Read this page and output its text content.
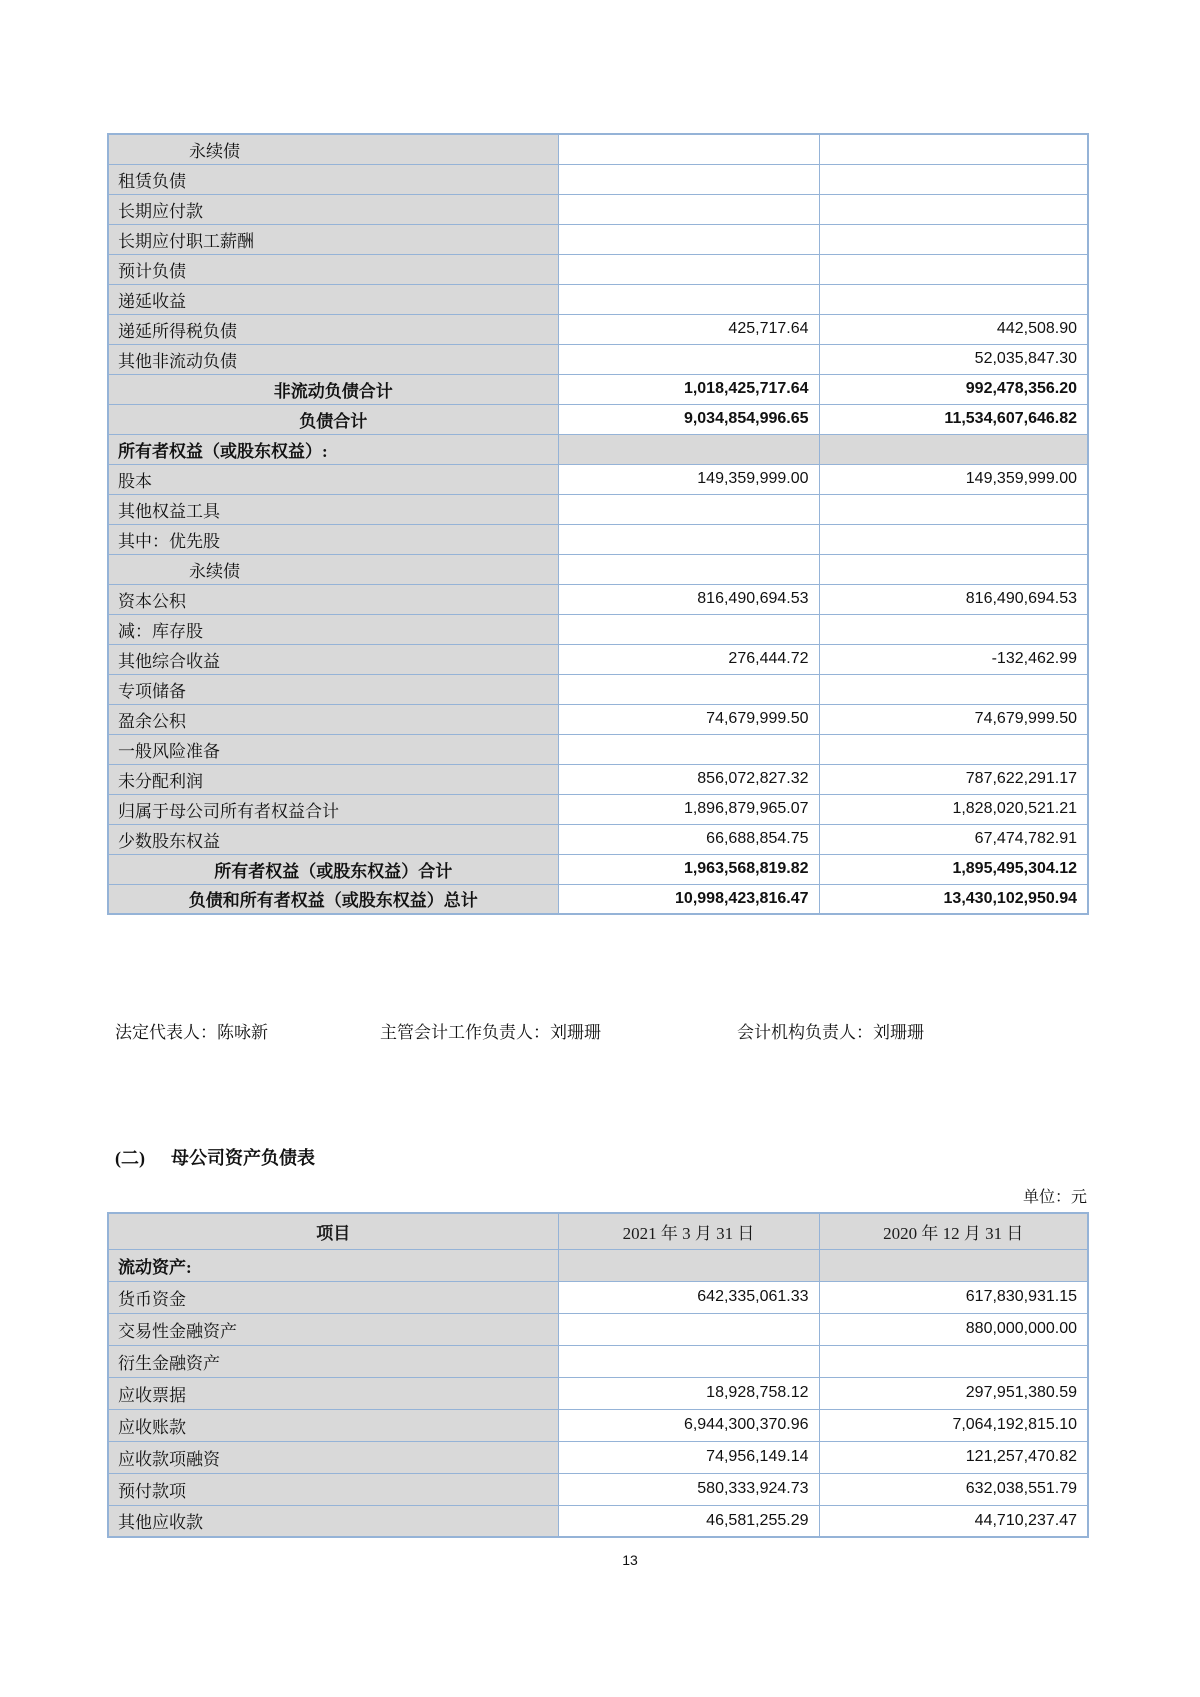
永续债		
租赁负债		
长期应付款		
长期应付职工薪酬		
预计负债		
递延收益		
递延所得税负债	425,717.64	442,508.90
其他非流动负债		52,035,847.30
非流动负债合计	1,018,425,717.64	992,478,356.20
负债合计	9,034,854,996.65	11,534,607,646.82
所有者权益（或股东权益）:		
股本	149,359,999.00	149,359,999.00
其他权益工具		
其中：优先股		
永续债		
资本公积	816,490,694.53	816,490,694.53
减：库存股		
其他综合收益	276,444.72	-132,462.99
专项储备		
盈余公积	74,679,999.50	74,679,999.50
一般风险准备		
未分配利润	856,072,827.32	787,622,291.17
归属于母公司所有者权益合计	1,896,879,965.07	1,828,020,521.21
少数股东权益	66,688,854.75	67,474,782.91
所有者权益（或股东权益）合计	1,963,568,819.82	1,895,495,304.12
负债和所有者权益（或股东权益）总计	10,998,423,816.47	13,430,102,950.94
法定代表人：陈咏新	主管会计工作负责人：刘珊珊	会计机构负责人：刘珊珊
(二) 母公司资产负债表
单位：元
项目	2021 年 3 月 31 日	2020 年 12 月 31 日
流动资产:		
货币资金	642,335,061.33	617,830,931.15
交易性金融资产		880,000,000.00
衍生金融资产		
应收票据	18,928,758.12	297,951,380.59
应收账款	6,944,300,370.96	7,064,192,815.10
应收款项融资	74,956,149.14	121,257,470.82
预付款项	580,333,924.73	632,038,551.79
其他应收款	46,581,255.29	44,710,237.47
13
